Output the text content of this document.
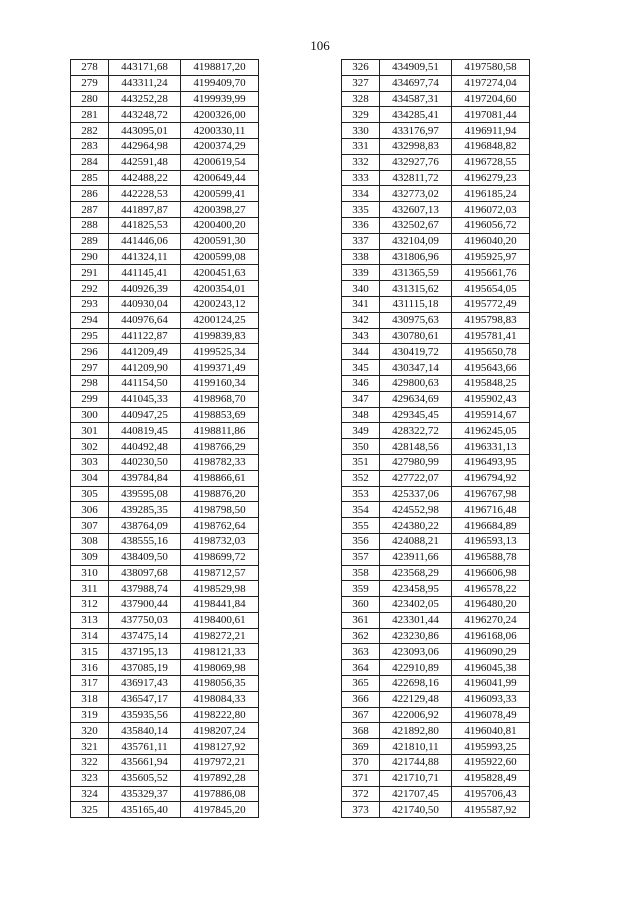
106
278	443171,68	4198817,20
279	443311,24	4199409,70
280	443252,28	4199939,99
281	443248,72	4200326,00
282	443095,01	4200330,11
283	442964,98	4200374,29
284	442591,48	4200619,54
285	442488,22	4200649,44
286	442228,53	4200599,41
287	441897,87	4200398,27
288	441825,53	4200400,20
289	441446,06	4200591,30
290	441324,11	4200599,08
291	441145,41	4200451,63
292	440926,39	4200354,01
293	440930,04	4200243,12
294	440976,64	4200124,25
295	441122,87	4199839,83
296	441209,49	4199525,34
297	441209,90	4199371,49
298	441154,50	4199160,34
299	441045,33	4198968,70
300	440947,25	4198853,69
301	440819,45	4198811,86
302	440492,48	4198766,29
303	440230,50	4198782,33
304	439784,84	4198866,61
305	439595,08	4198876,20
306	439285,35	4198798,50
307	438764,09	4198762,64
308	438555,16	4198732,03
309	438409,50	4198699,72
310	438097,68	4198712,57
311	437988,74	4198529,98
312	437900,44	4198441,84
313	437750,03	4198400,61
314	437475,14	4198272,21
315	437195,13	4198121,33
316	437085,19	4198069,98
317	436917,43	4198056,35
318	436547,17	4198084,33
319	435935,56	4198222,80
320	435840,14	4198207,24
321	435761,11	4198127,92
322	435661,94	4197972,21
323	435605,52	4197892,28
324	435329,37	4197886,08
325	435165,40	4197845,20
326	434909,51	4197580,58
327	434697,74	4197274,04
328	434587,31	4197204,60
329	434285,41	4197081,44
330	433176,97	4196911,94
331	432998,83	4196848,82
332	432927,76	4196728,55
333	432811,72	4196279,23
334	432773,02	4196185,24
335	432607,13	4196072,03
336	432502,67	4196056,72
337	432104,09	4196040,20
338	431806,96	4195925,97
339	431365,59	4195661,76
340	431315,62	4195654,05
341	431115,18	4195772,49
342	430975,63	4195798,83
343	430780,61	4195781,41
344	430419,72	4195650,78
345	430347,14	4195643,66
346	429800,63	4195848,25
347	429634,69	4195902,43
348	429345,45	4195914,67
349	428322,72	4196245,05
350	428148,56	4196331,13
351	427980,99	4196493,95
352	427722,07	4196794,92
353	425337,06	4196767,98
354	424552,98	4196716,48
355	424380,22	4196684,89
356	424088,21	4196593,13
357	423911,66	4196588,78
358	423568,29	4196606,98
359	423458,95	4196578,22
360	423402,05	4196480,20
361	423301,44	4196270,24
362	423230,86	4196168,06
363	423093,06	4196090,29
364	422910,89	4196045,38
365	422698,16	4196041,99
366	422129,48	4196093,33
367	422006,92	4196078,49
368	421892,80	4196040,81
369	421810,11	4195993,25
370	421744,88	4195922,60
371	421710,71	4195828,49
372	421707,45	4195706,43
373	421740,50	4195587,92
